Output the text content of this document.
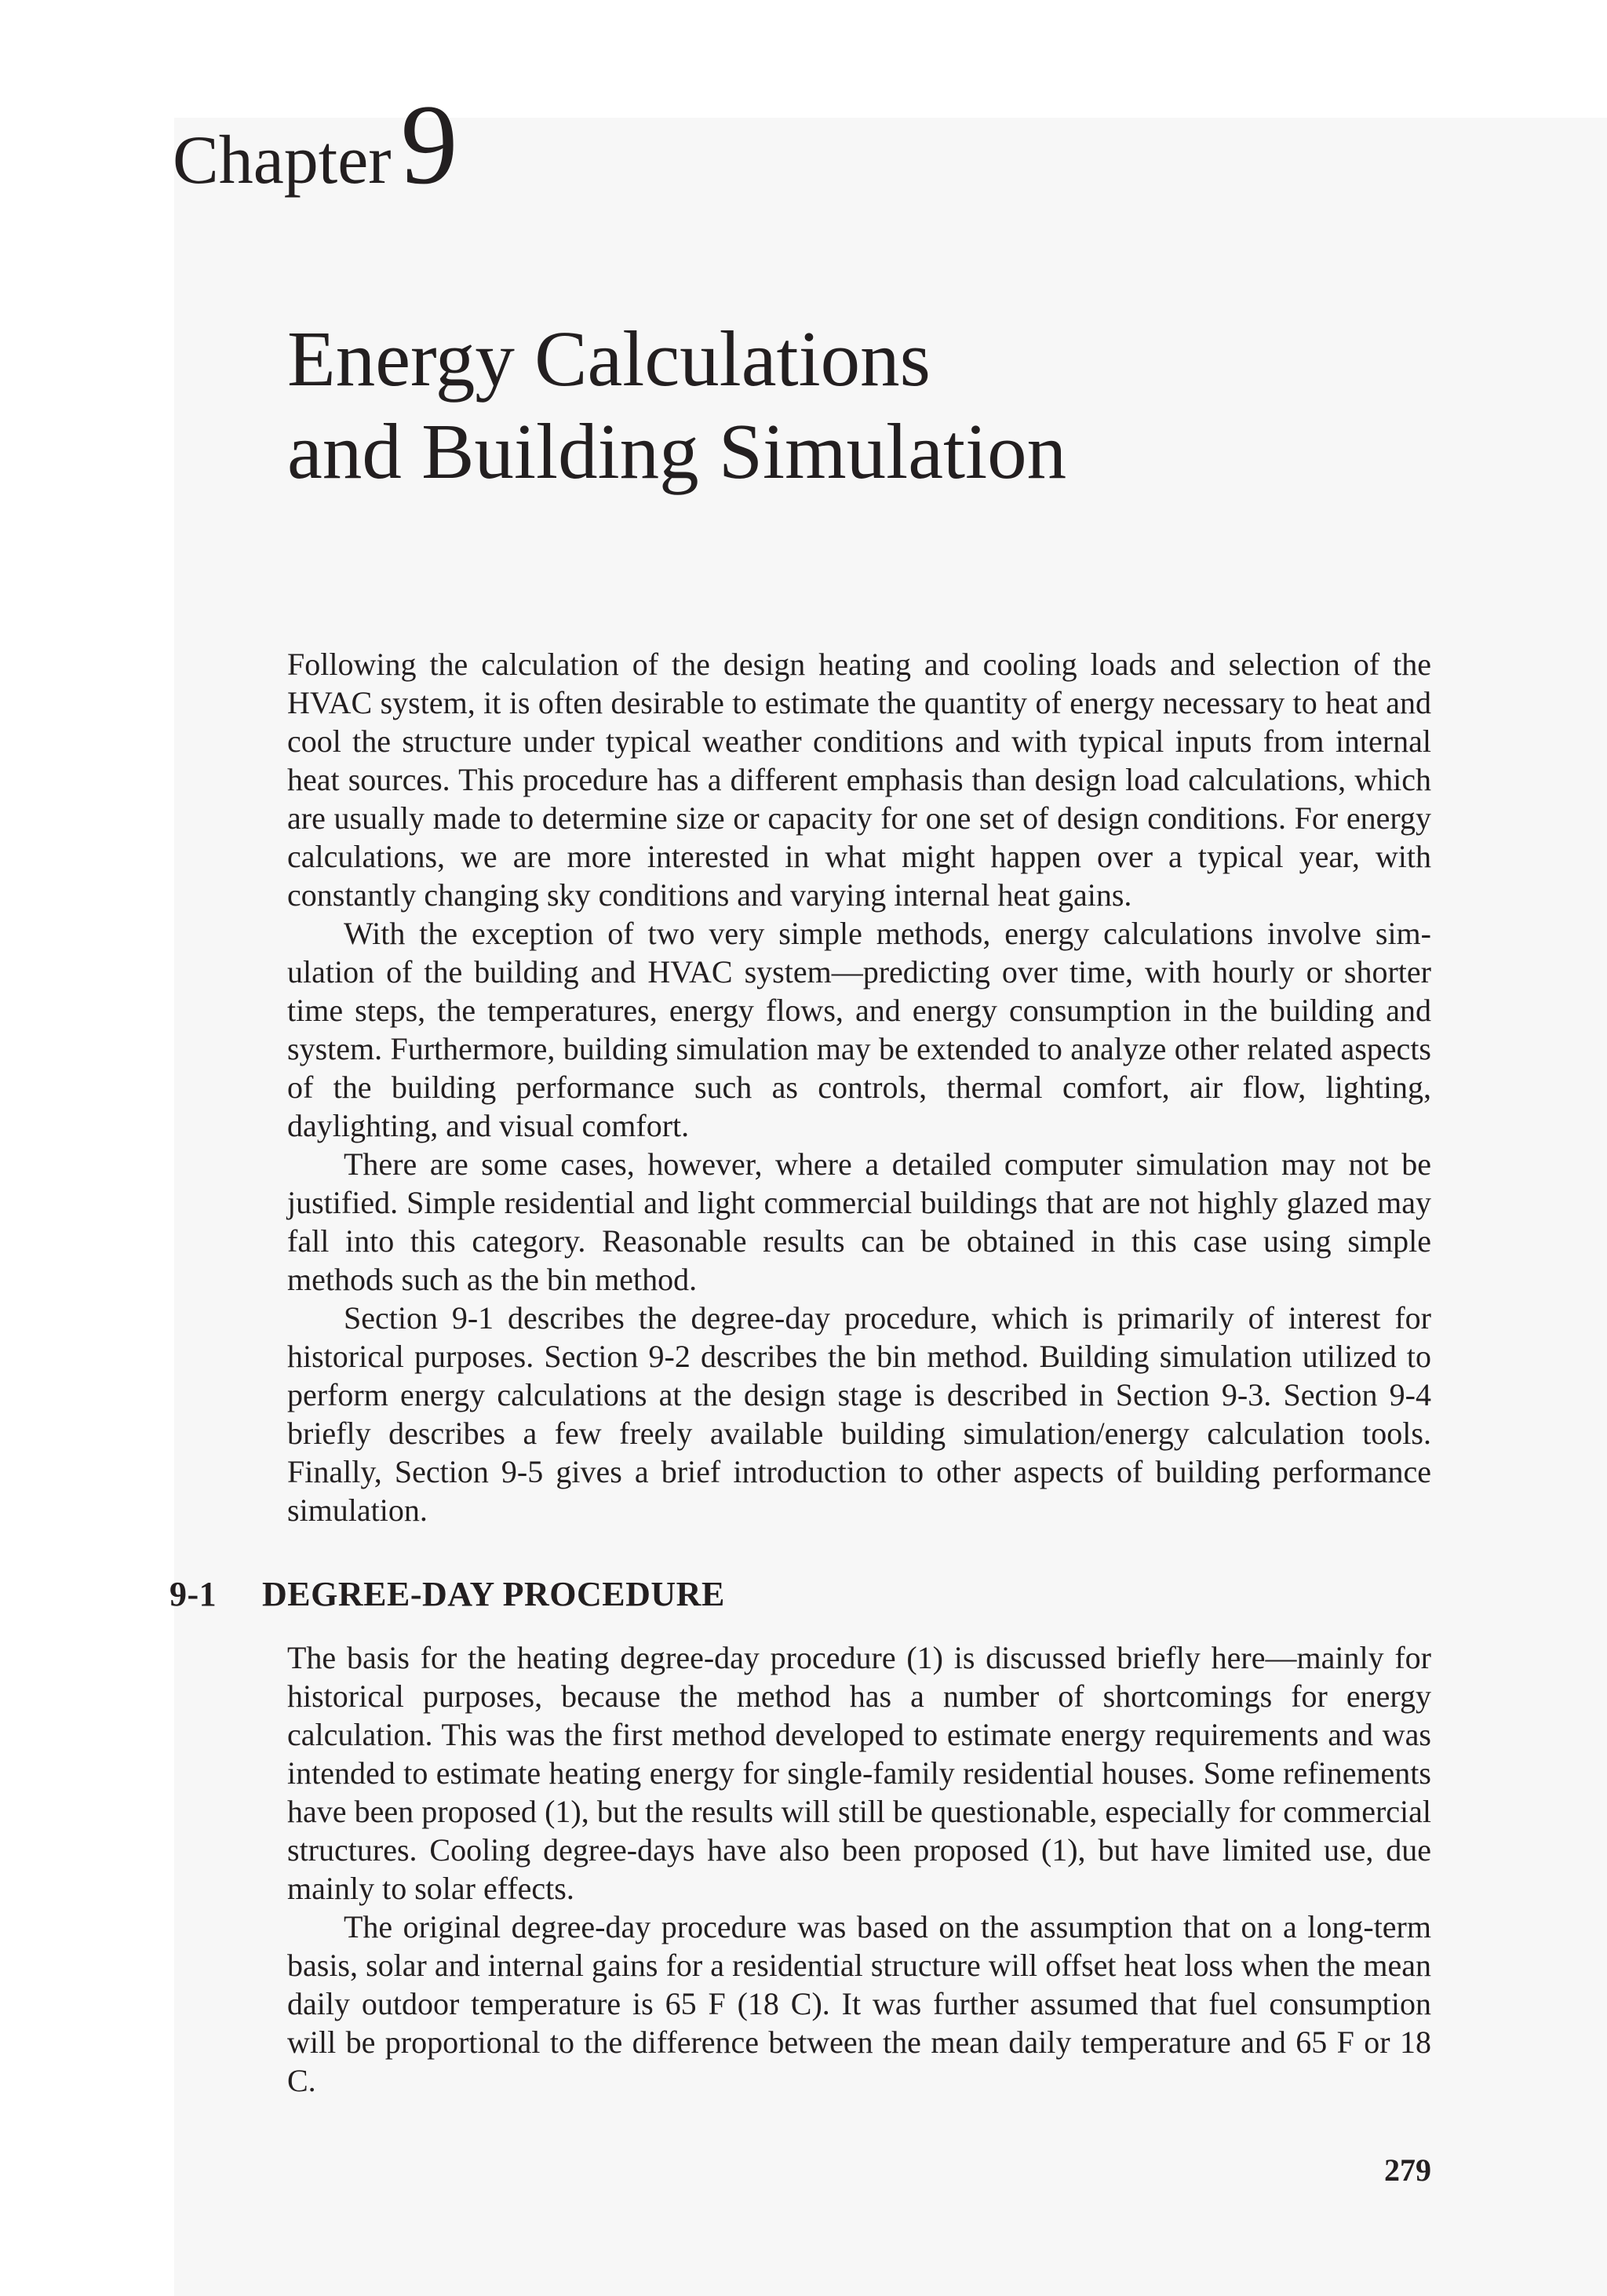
Chapter9
Energy Calculations
and Building Simulation

Following the calculation of the design heating and cooling loads and selection of the HVAC system, it is often desirable to estimate the quantity of energy necessary to heat and cool the structure under typical weather conditions and with typical inputs from internal heat sources. This procedure has a different emphasis than design load calculations, which are usually made to determine size or capacity for one set of design conditions. For energy calculations, we are more interested in what might happen over a typical year, with constantly changing sky conditions and varying internal heat gains.

With the exception of two very simple methods, energy calculations involve simulation of the building and HVAC system—predicting over time, with hourly or shorter time steps, the temperatures, energy flows, and energy consumption in the building and system. Furthermore, building simulation may be extended to analyze other related aspects of the building performance such as controls, thermal comfort, air flow, lighting, daylighting, and visual comfort.

There are some cases, however, where a detailed computer simulation may not be justified. Simple residential and light commercial buildings that are not highly glazed may fall into this category. Reasonable results can be obtained in this case using simple methods such as the bin method.

Section 9-1 describes the degree-day procedure, which is primarily of interest for historical purposes. Section 9-2 describes the bin method. Building simulation utilized to perform energy calculations at the design stage is described in Section 9-3. Section 9-4 briefly describes a few freely available building simulation/energy calculation tools. Finally, Section 9-5 gives a brief introduction to other aspects of building performance simulation.

9-1 DEGREE-DAY PROCEDURE

The basis for the heating degree-day procedure (1) is discussed briefly here—mainly for historical purposes, because the method has a number of shortcomings for energy calculation. This was the first method developed to estimate energy requirements and was intended to estimate heating energy for single-family residential houses. Some refinements have been proposed (1), but the results will still be questionable, especially for commercial structures. Cooling degree-days have also been proposed (1), but have limited use, due mainly to solar effects.

The original degree-day procedure was based on the assumption that on a long-term basis, solar and internal gains for a residential structure will offset heat loss when the mean daily outdoor temperature is 65 F (18 C). It was further assumed that fuel consumption will be proportional to the difference between the mean daily temperature and 65 F or 18 C.

279
